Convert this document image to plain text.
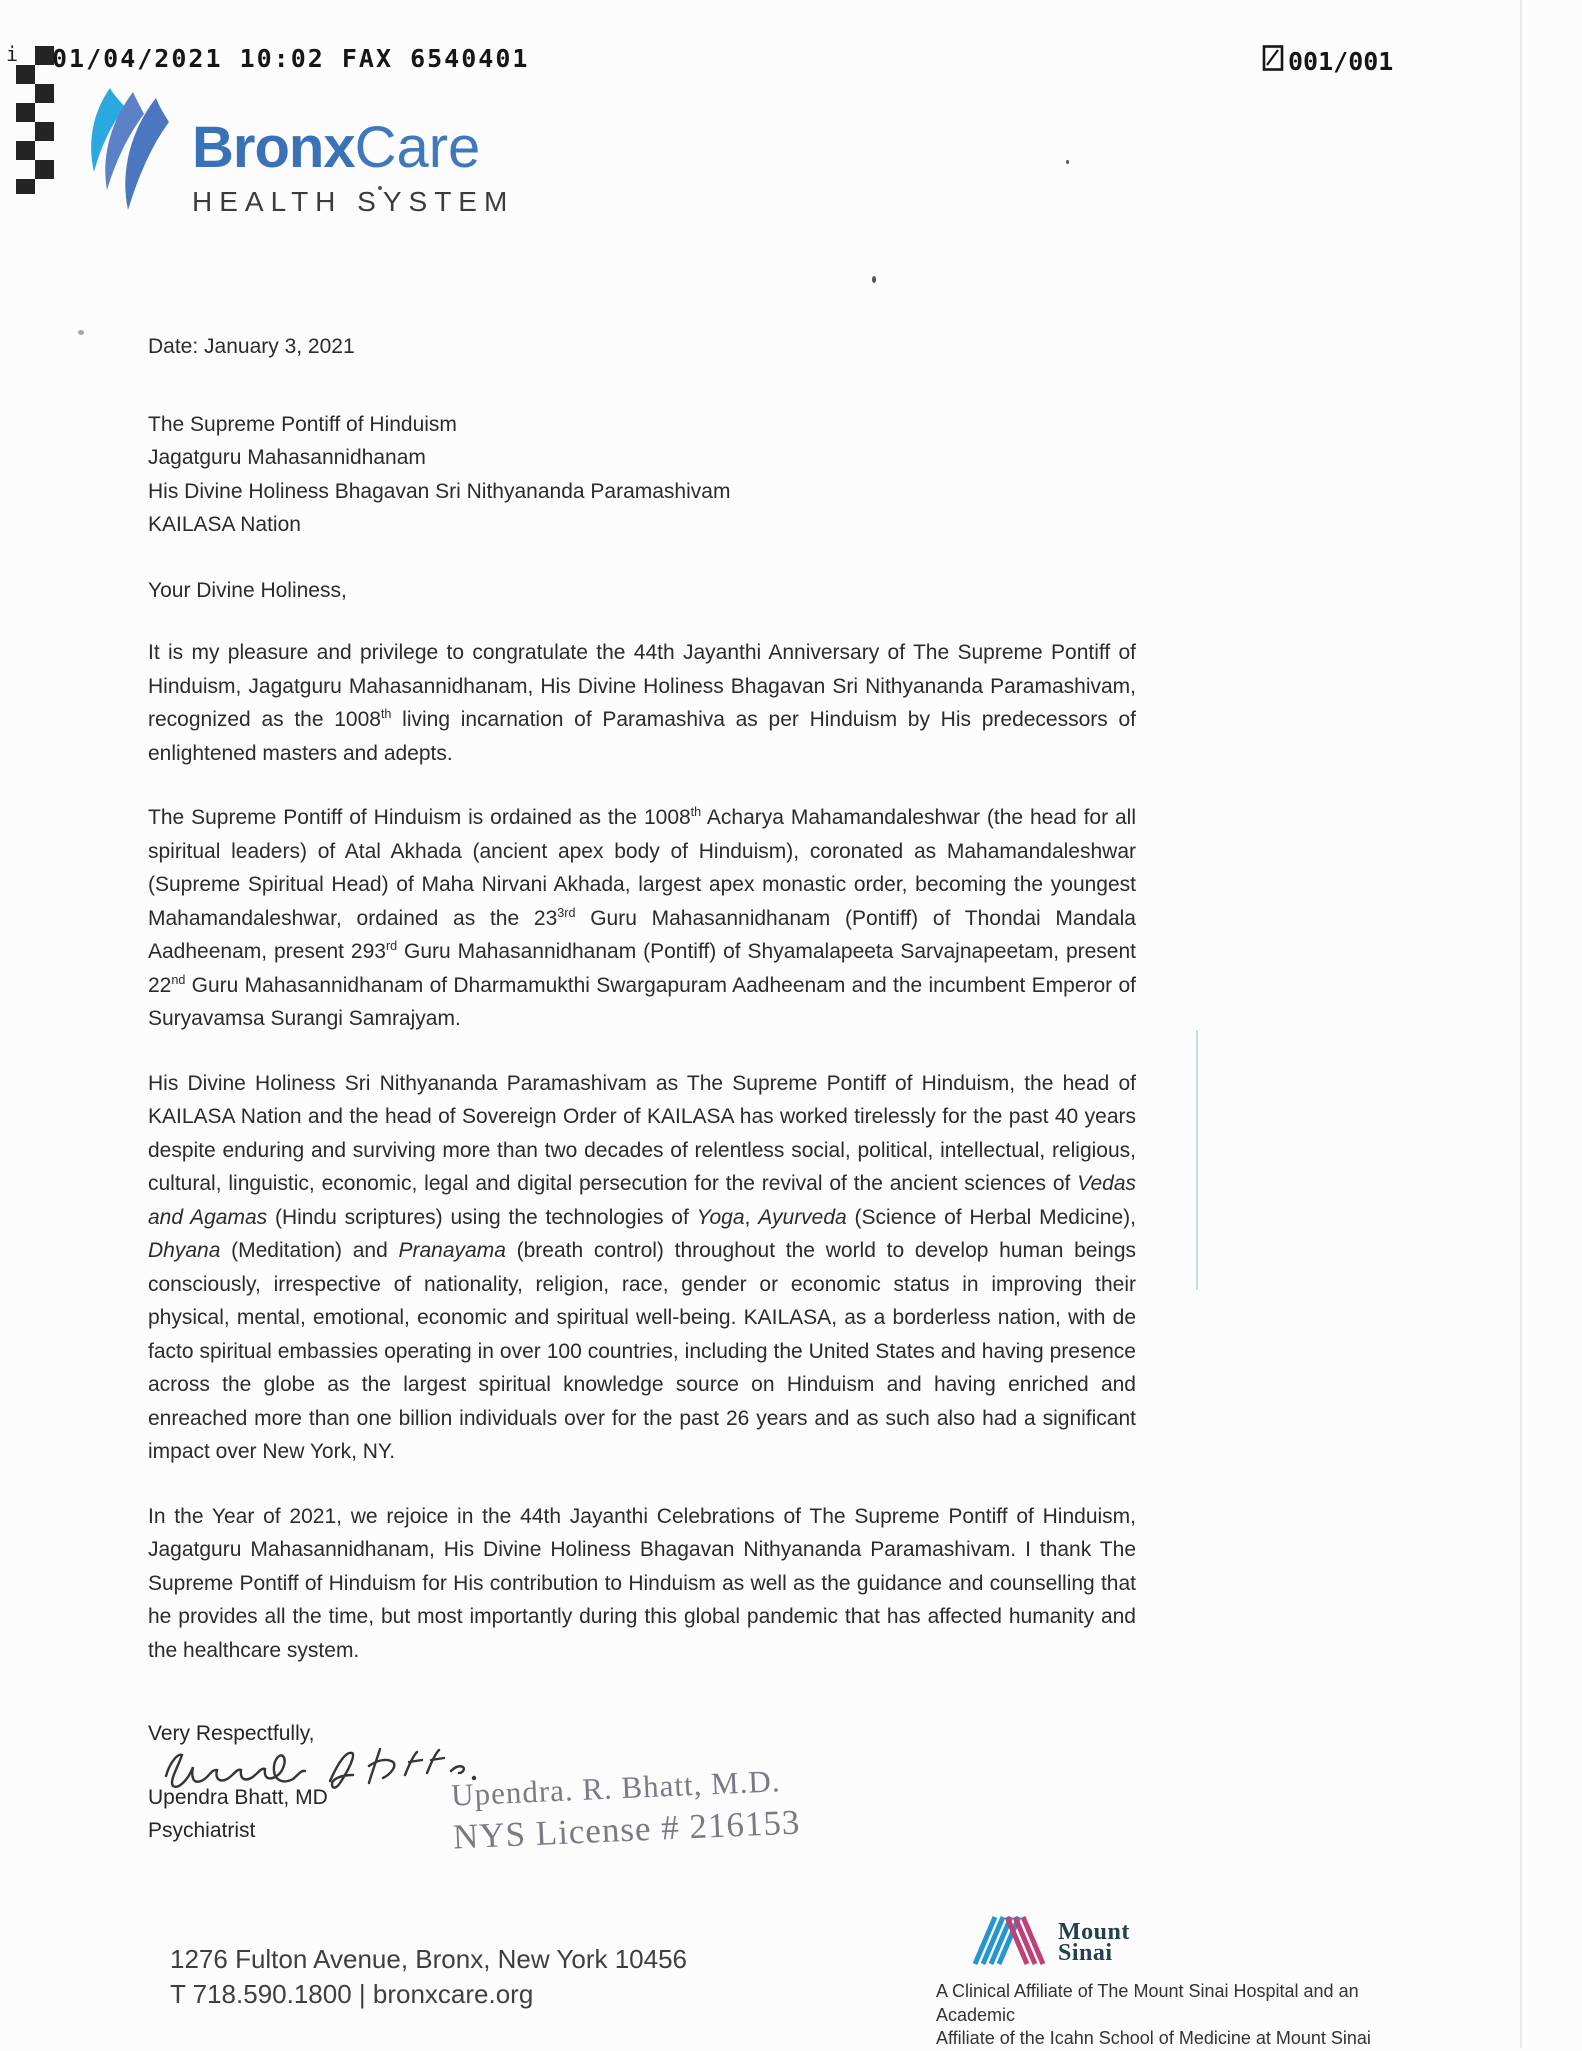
i 01/04/2021 10:02 FAX 6540401	001/001
BronxCare
HEALTH SYSTEM
Date: January 3, 2021
The Supreme Pontiff of Hinduism
Jagatguru Mahasannidhanam
His Divine Holiness Bhagavan Sri Nithyananda Paramashivam
KAILASA Nation
Your Divine Holiness,

It is my pleasure and privilege to congratulate the 44th Jayanthi Anniversary of The Supreme Pontiff of Hinduism, Jagatguru Mahasannidhanam, His Divine Holiness Bhagavan Sri Nithyananda Paramashivam, recognized as the 1008th living incarnation of Paramashiva as per Hinduism by His predecessors of enlightened masters and adepts.

The Supreme Pontiff of Hinduism is ordained as the 1008th Acharya Mahamandaleshwar (the head for all spiritual leaders) of Atal Akhada (ancient apex body of Hinduism), coronated as Mahamandaleshwar (Supreme Spiritual Head) of Maha Nirvani Akhada, largest apex monastic order, becoming the youngest Mahamandaleshwar, ordained as the $23^{3rd}$ Guru Mahasannidhanam (Pontiff) of Thondai Mandala Aadheenam, present 293rd Guru Mahasannidhanam (Pontiff) of Shyamalapeeta Sarvajnapeetam, present 22nd Guru Mahasannidhanam of Dharmamukthi Swargapuram Aadheenam and the incumbent Emperor of Suryavamsa Surangi Samrajyam.

His Divine Holiness Sri Nithyananda Paramashivam as The Supreme Pontiff of Hinduism, the head of KAILASA Nation and the head of Sovereign Order of KAILASA has worked tirelessly for the past 40 years despite enduring and surviving more than two decades of relentless social, political, intellectual, religious, cultural, linguistic, economic, legal and digital persecution for the revival of the ancient sciences of Vedas and Agamas (Hindu scriptures) using the technologies of Yoga, Ayurveda (Science of Herbal Medicine), Dhyana (Meditation) and Pranayama (breath control) throughout the world to develop human beings consciously, irrespective of nationality, religion, race, gender or economic status in improving their physical, mental, emotional, economic and spiritual well-being. KAILASA, as a borderless nation, with de facto spiritual embassies operating in over 100 countries, including the United States and having presence across the globe as the largest spiritual knowledge source on Hinduism and having enriched and enreached more than one billion individuals over for the past 26 years and as such also had a significant impact over New York, NY.

In the Year of 2021, we rejoice in the 44th Jayanthi Celebrations of The Supreme Pontiff of Hinduism, Jagatguru Mahasannidhanam, His Divine Holiness Bhagavan Nithyananda Paramashivam. I thank The Supreme Pontiff of Hinduism for His contribution to Hinduism as well as the guidance and counselling that he provides all the time, but most importantly during this global pandemic that has affected humanity and the healthcare system.

Very Respectfully,
Upendra Bhatt, MD
Psychiatrist
Upendra. R. Bhatt, M.D.
NYS License # 216153
1276 Fulton Avenue, Bronx, New York 10456
T 718.590.1800 | bronxcare.org
Mount
Sinai
A Clinical Affiliate of The Mount Sinai Hospital and an Academic
Affiliate of the Icahn School of Medicine at Mount Sinai
